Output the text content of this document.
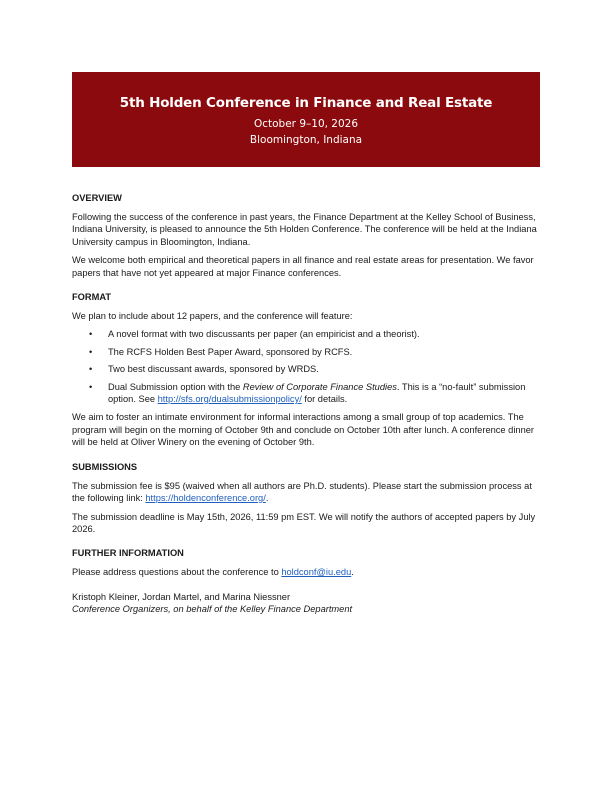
5th Holden Conference in Finance and Real Estate
October 9–10, 2026
Bloomington, Indiana
OVERVIEW

Following the success of the conference in past years, the Finance Department at the Kelley School of Business, Indiana University, is pleased to announce the 5th Holden Conference. The conference will be held at the Indiana University campus in Bloomington, Indiana.

We welcome both empirical and theoretical papers in all finance and real estate areas for presentation. We favor papers that have not yet appeared at major Finance conferences.

FORMAT

We plan to include about 12 papers, and the conference will feature:

• A novel format with two discussants per paper (an empiricist and a theorist).
• The RCFS Holden Best Paper Award, sponsored by RCFS.
• Two best discussant awards, sponsored by WRDS.
• Dual Submission option with the Review of Corporate Finance Studies. This is a “no-fault” submission option. See http://sfs.org/dualsubmissionpolicy/ for details.

We aim to foster an intimate environment for informal interactions among a small group of top academics. The program will begin on the morning of October 9th and conclude on October 10th after lunch. A conference dinner will be held at Oliver Winery on the evening of October 9th.

SUBMISSIONS

The submission fee is $95 (waived when all authors are Ph.D. students). Please start the submission process at the following link: https://holdenconference.org/.

The submission deadline is May 15th, 2026, 11:59 pm EST. We will notify the authors of accepted papers by July 2026.

FURTHER INFORMATION

Please address questions about the conference to holdconf@iu.edu.

Kristoph Kleiner, Jordan Martel, and Marina Niessner
Conference Organizers, on behalf of the Kelley Finance Department
